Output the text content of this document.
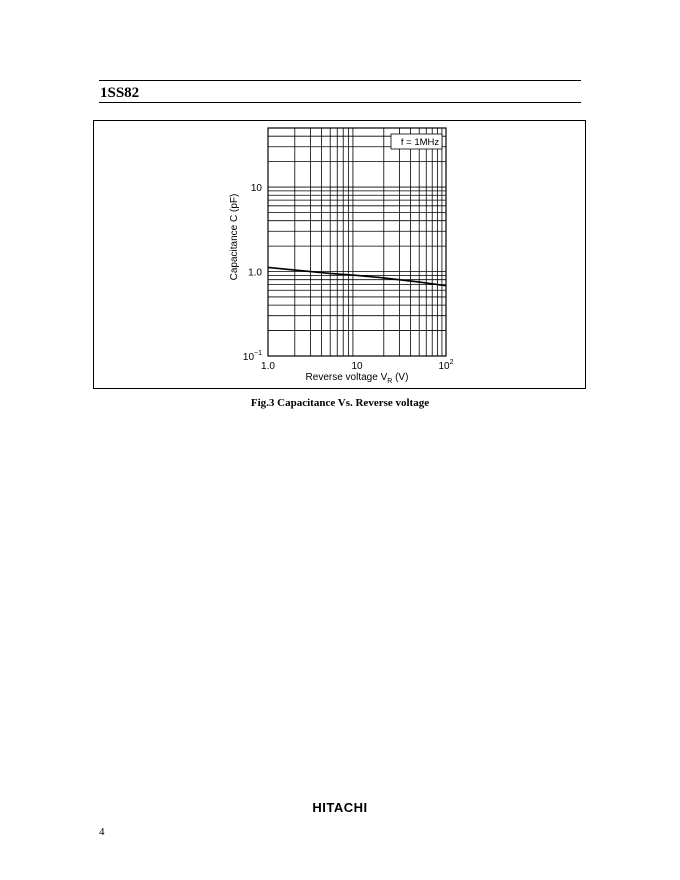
1SS82
1.0	10	$10^2$
$10^{-1}$
1.0
10
Reverse voltage $V_R$ (V)
Capacitance C (pF)
f = 1MHz
Fig.3 Capacitance Vs. Reverse voltage
HITACHI
4
